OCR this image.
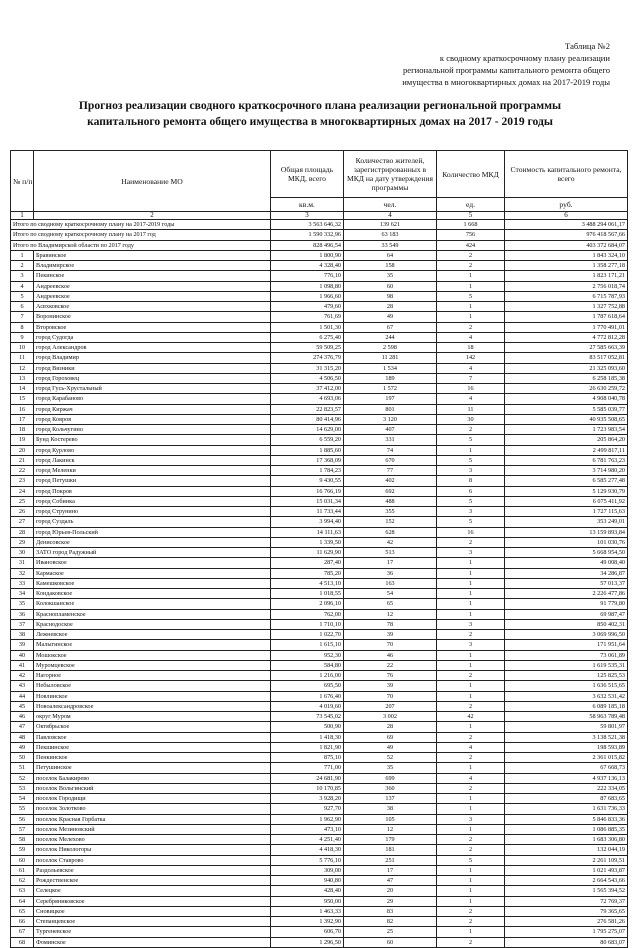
Таблица №2
к сводному краткосрочному плану реализации
региональной программы капитального ремонта общего
имущества в многоквартирных домах на 2017-2019 годы
Прогноз реализации сводного краткосрочного плана реализации региональной программы
капитального ремонта общего имущества в многоквартирных домах на 2017 - 2019 годы
№ п/п	Наименование МО	Общая площадь МКД, всего	Количество жителей, зарегистрированных в МКД на дату утверждения программы	Количество МКД	Стоимость капитального ремонта, всего
		кв.м.	чел.	ед.	руб.
1	2	3	4	5	6
Итого по сводному краткосрочному плану на 2017-2019 годы		3 563 646,32	139 621	1 668	3 488 294 061,17
Итого по сводному краткосрочному плану на 2017 год		1 590 332,96	63 183	756	976 418 567,66
Итого по Владимирской области по 2017 году		828 496,54	33 549	424	403 372 684,07
1	Бравинское	1 800,90	64	2	1 843 324,10
2	Владимирское	4 328,40	158	2	1 358 277,18
3	Пекинское	776,10	35	1	1 823 171,21
4	Андреевское	1 098,80	60	1	2 756 018,74
5	Андреевское	1 966,60	98	5	6 715 787,93
6	Асвхковское	479,60	28	1	1 327 752,88
7	Воронинское	761,69	49	1	1 787 618,64
8	Второвское	1 501,30	67	2	1 770 491,01
9	город Судогда	6 275,40	244	4	4 772 812,28
10	город Александров	59 509,25	2 598	18	27 585 663,39
11	город Владимир	274 376,79	11 281	142	83 517 052,81
12	город Вязники	31 315,20	1 534	4	21 325 093,60
13	город Гороховец	4 506,50	189	7	6 258 185,38
14	город Гусь-Хрустальный	37 412,00	1 572	16	26 630 259,72
15	город Карабаново	4 693,06	197	4	4 908 040,78
16	город Киржач	22 823,57	801	11	5 585 039,77
17	город Ковров	80 414,96	3 120	30	40 935 508,65
18	город Кольчугино	14 629,00	407	2	1 723 983,54
19	Бунд Костерево	6 559,20	331	5	205 864,20
20	город Курлово	1 885,60	74	1	2 499 817,11
21	город Лакинск	17 368,09	670	5	6 781 763,23
22	город Меленки	1 784,23	77	3	3 714 980,20
23	город Петушки	9 430,55	402	8	6 585 277,48
24	город Покров	16 766,19	692	6	5 129 930,79
25	город Собинка	15 031,34	488	5	6 075 411,92
26	город Струнино	11 733,44	355	3	1 727 115,63
27	город Суздаль	3 994,40	152	5	353 249,01
28	город Юрьев-Польский	14 111,63	628	16	13 159 893,84
29	Денисовское	1 339,50	42	2	101 030,76
30	ЗАТО город Радужный	11 629,90	513	3	5 668 954,50
31	Ивановское	287,40	17	1	49 008,40
32	Кармаское	785,20	36	1	34 286,87
33	Камешковское	4 513,10	163	1	57 013,37
34	Кондаковское	1 018,55	54	1	2 226 477,86
35	Колокшанское	2 096,10	65	1	91 779,80
36	Краснопламенское	762,00	12	1	69 987,47
37	Краснодоское	1 710,10	78	3	850 402,31
38	Лежневское	1 022,70	39	2	3 069 996,50
39	Малыгинское	1 615,10	70	3	171 951,64
40	Мошокское	952,30	46	1	73 061,89
41	Муромцевское	584,80	22	1	1 619 535,31
42	Нагорное	1 216,00	76	2	125 825,53
43	Небыловское	695,50	39	1	1 636 515,65
44	Новлинское	1 676,40	70	1	3 632 531,42
45	Новоалександровское	4 019,60	207	2	6 089 185,18
46	округ Муром	73 545,02	3 002	42	58 963 789,48
47	Октябрьское	500,90	28	1	59 801,97
48	Павловское	1 418,30	69	2	3 138 521,38
49	Пекшинское	1 821,90	49	4	198 593,89
50	Пенкинское	875,10	52	2	2 361 015,82
51	Петушинское	771,00	35	1	67 668,73
52	поселок Балакирево	24 681,90	699	4	4 937 136,13
53	поселок Вольгинский	10 170,85	360	2	222 334,05
54	поселок Городищи	3 928,20	137	1	87 683,65
55	поселок Золотково	927,70	38	1	1 631 736,33
56	поселок Красная Горбатка	1 962,90	105	3	5 846 833,36
57	поселок Мезиновский	473,10	12	1	1 086 885,35
58	поселок Мелехово	4 251,40	179	2	1 683 306,80
59	поселок Никологоры	4 418,30	181	2	132 044,19
60	поселок Ставрово	5 776,10	251	5	2 261 109,51
61	Раздольевское	309,00	17	1	1 021 493,87
62	Рождественское	940,80	47	1	2 664 543,66
63	Селецкое	428,40	20	1	1 565 394,52
64	Серебряниковское	950,00	29	1	72 769,37
65	Сновицкое	1 463,33	83	2	79 365,65
66	Степанцевское	1 392,90	82	2	276 581,26
67	Тургеневское	606,70	25	1	1 795 275,07
68	Фоминское	1 296,50	60	2	80 683,07
